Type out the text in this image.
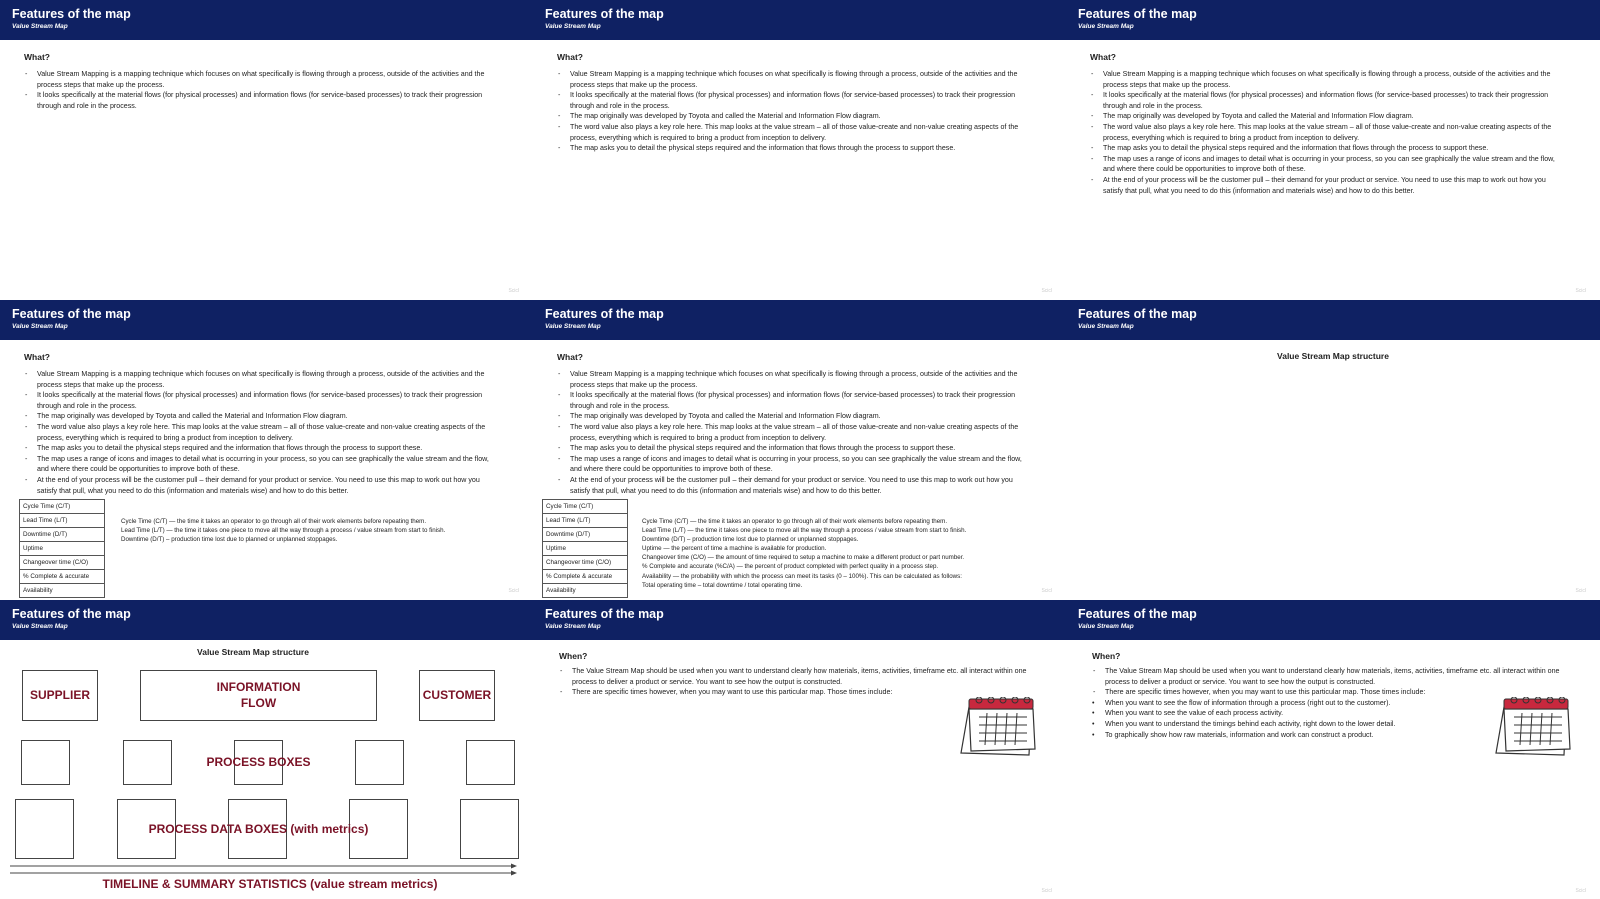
Features of the map
Value Stream Map
What?
- Value Stream Mapping is a mapping technique which focuses on what specifically is flowing through a process, outside of the activities and the process steps that make up the process.
- It looks specifically at the material flows (for physical processes) and information flows (for service-based processes) to track their progression through and role in the process.
Scicl
Features of the map
Value Stream Map
What?
- Value Stream Mapping is a mapping technique which focuses on what specifically is flowing through a process, outside of the activities and the process steps that make up the process.
- It looks specifically at the material flows (for physical processes) and information flows (for service-based processes) to track their progression through and role in the process.
- The map originally was developed by Toyota and called the Material and Information Flow diagram.
- The word value also plays a key role here. This map looks at the value stream – all of those value-create and non-value creating aspects of the process, everything which is required to bring a product from inception to delivery.
- The map asks you to detail the physical steps required and the information that flows through the process to support these.
Scicl
Features of the map
Value Stream Map
What?
- Value Stream Mapping is a mapping technique which focuses on what specifically is flowing through a process, outside of the activities and the process steps that make up the process.
- It looks specifically at the material flows (for physical processes) and information flows (for service-based processes) to track their progression through and role in the process.
- The map originally was developed by Toyota and called the Material and Information Flow diagram.
- The word value also plays a key role here. This map looks at the value stream – all of those value-create and non-value creating aspects of the process, everything which is required to bring a product from inception to delivery.
- The map asks you to detail the physical steps required and the information that flows through the process to support these.
- The map uses a range of icons and images to detail what is occurring in your process, so you can see graphically the value stream and the flow, and where there could be opportunities to improve both of these.
- At the end of your process will be the customer pull – their demand for your product or service. You need to use this map to work out how you satisfy that pull, what you need to do this (information and materials wise) and how to do this better.
Scicl
Features of the map
Value Stream Map
What?
- Value Stream Mapping is a mapping technique which focuses on what specifically is flowing through a process, outside of the activities and the process steps that make up the process.
- It looks specifically at the material flows (for physical processes) and information flows (for service-based processes) to track their progression through and role in the process.
- The map originally was developed by Toyota and called the Material and Information Flow diagram.
- The word value also plays a key role here. This map looks at the value stream – all of those value-create and non-value creating aspects of the process, everything which is required to bring a product from inception to delivery.
- The map asks you to detail the physical steps required and the information that flows through the process to support these.
- The map uses a range of icons and images to detail what is occurring in your process, so you can see graphically the value stream and the flow, and where there could be opportunities to improve both of these.
- At the end of your process will be the customer pull – their demand for your product or service. You need to use this map to work out how you satisfy that pull, what you need to do this (information and materials wise) and how to do this better.
Cycle Time (C/T)
Lead Time (L/T)
Downtime (D/T)
Uptime
Changeover time (C/O)
% Complete & accurate
Availability
Cycle Time (C/T) — the time it takes an operator to go through all of their work elements before repeating them.
Lead Time (L/T) — the time it takes one piece to move all the way through a process / value stream from start to finish.
Downtime (D/T) – production time lost due to planned or unplanned stoppages.
Scicl
Features of the map
Value Stream Map
What?
- Value Stream Mapping is a mapping technique which focuses on what specifically is flowing through a process, outside of the activities and the process steps that make up the process.
- It looks specifically at the material flows (for physical processes) and information flows (for service-based processes) to track their progression through and role in the process.
- The map originally was developed by Toyota and called the Material and Information Flow diagram.
- The word value also plays a key role here. This map looks at the value stream – all of those value-create and non-value creating aspects of the process, everything which is required to bring a product from inception to delivery.
- The map asks you to detail the physical steps required and the information that flows through the process to support these.
- The map uses a range of icons and images to detail what is occurring in your process, so you can see graphically the value stream and the flow, and where there could be opportunities to improve both of these.
- At the end of your process will be the customer pull – their demand for your product or service. You need to use this map to work out how you satisfy that pull, what you need to do this (information and materials wise) and how to do this better.
Cycle Time (C/T)
Lead Time (L/T)
Downtime (D/T)
Uptime
Changeover time (C/O)
% Complete & accurate
Availability
Cycle Time (C/T) — the time it takes an operator to go through all of their work elements before repeating them.
Lead Time (L/T) — the time it takes one piece to move all the way through a process / value stream from start to finish.
Downtime (D/T) – production time lost due to planned or unplanned stoppages.
Uptime — the percent of time a machine is available for production.
Changeover time (C/O) — the amount of time required to setup a machine to make a different product or part number.
% Complete and accurate (%C/A) — the percent of product completed with perfect quality in a process step.
Availability — the probability with which the process can meet its tasks (0 – 100%). This can be calculated as follows:
Total operating time – total downtime / total operating time.
Scicl
Features of the map
Value Stream Map
Value Stream Map structure
Scicl
Features of the map
Value Stream Map
Value Stream Map structure
SUPPLIER
INFORMATION
FLOW
CUSTOMER
PROCESS BOXES
PROCESS DATA BOXES (with metrics)
TIMELINE & SUMMARY STATISTICS (value stream metrics)
Features of the map
Value Stream Map
When?
- The Value Stream Map should be used when you want to understand clearly how materials, items, activities, timeframe etc. all interact within one process to deliver a product or service. You want to see how the output is constructed.
- There are specific times however, when you may want to use this particular map. Those times include:
Scicl
Features of the map
Value Stream Map
When?
- The Value Stream Map should be used when you want to understand clearly how materials, items, activities, timeframe etc. all interact within one process to deliver a product or service. You want to see how the output is constructed.
- There are specific times however, when you may want to use this particular map. Those times include:
• When you want to see the flow of information through a process (right out to the customer).
• When you want to see the value of each process activity.
• When you want to understand the timings behind each activity, right down to the lower detail.
• To graphically show how raw materials, information and work can construct a product.
Scicl
